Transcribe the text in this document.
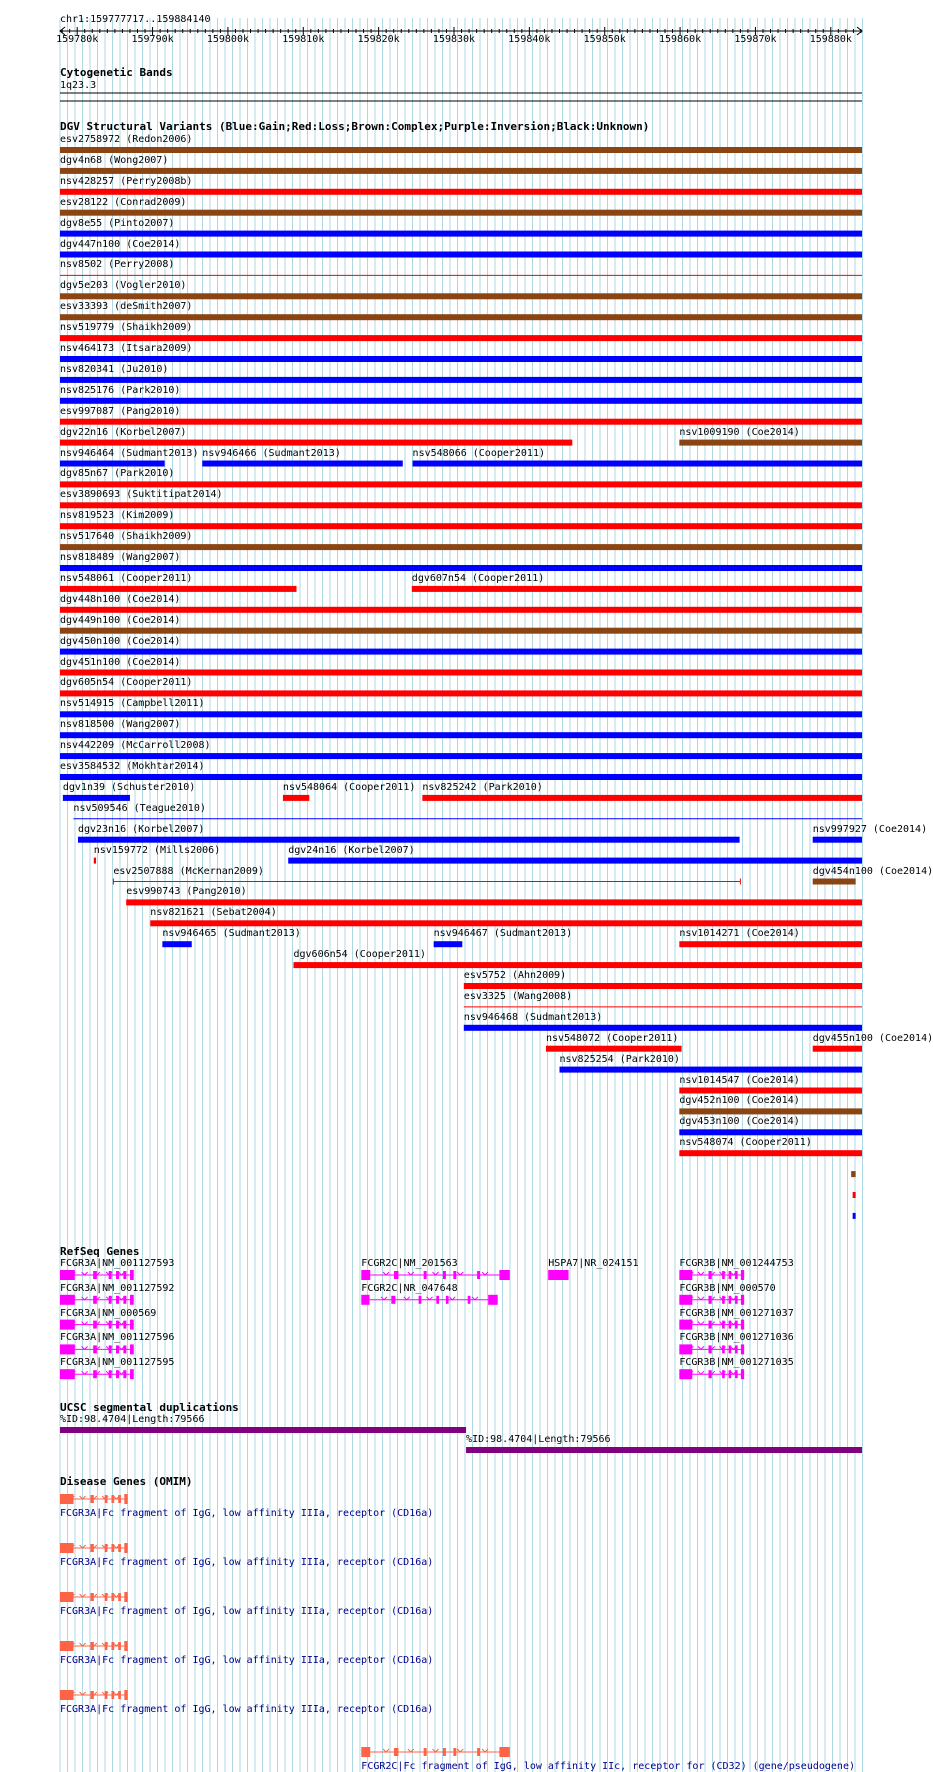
chr1:159777717..159884140
Cytogenetic Bands
1q23.3
DGV Structural Variants (Blue:Gain;Red:Loss;Brown:Complex;Purple:Inversion;Black:Unknown)
RefSeq Genes
UCSC segmental duplications
Disease Genes (OMIM)
159780k	159790k	159800k	159810k	159820k	159830k	159840k	159850k	159860k	159870k	159880k
esv2758972 (Redon2006)
dgv4n68 (Wong2007)
nsv428257 (Perry2008b)
esv28122 (Conrad2009)
dgv8e55 (Pinto2007)
dgv447n100 (Coe2014)
nsv8502 (Perry2008)
dgv5e203 (Vogler2010)
esv33393 (deSmith2007)
nsv519779 (Shaikh2009)
nsv464173 (Itsara2009)
nsv820341 (Ju2010)
nsv825176 (Park2010)
esv997087 (Pang2010)
dgv22n16 (Korbel2007)	nsv1009190 (Coe2014)
nsv946464 (Sudmant2013) nsv946466 (Sudmant2013)	nsv548066 (Cooper2011)
dgv85n67 (Park2010)
esv3890693 (Suktitipat2014)
nsv819523 (Kim2009)
nsv517640 (Shaikh2009)
nsv818489 (Wang2007)
nsv548061 (Cooper2011)	dgv607n54 (Cooper2011)
dgv448n100 (Coe2014)
dgv449n100 (Coe2014)
dgv450n100 (Coe2014)
dgv451n100 (Coe2014)
dgv605n54 (Cooper2011)
nsv514915 (Campbell2011)
nsv818500 (Wang2007)
nsv442209 (McCarroll2008)
esv3584532 (Mokhtar2014)
dgv1n39 (Schuster2010)	nsv548064 (Cooper2011) nsv825242 (Park2010)
nsv509546 (Teague2010)
dgv23n16 (Korbel2007)	nsv997927 (Coe2014)
nsv159772 (Mills2006)	dgv24n16 (Korbel2007)
esv2507888 (McKernan2009)	dgv454n100 (Coe2014)
esv990743 (Pang2010)
nsv821621 (Sebat2004)
nsv946465 (Sudmant2013)	nsv946467 (Sudmant2013)	nsv1014271 (Coe2014)
dgv606n54 (Cooper2011)
esv5752 (Ahn2009)
esv3325 (Wang2008)
nsv946468 (Sudmant2013)
nsv548072 (Cooper2011)	dgv455n100 (Coe2014)
nsv825254 (Park2010)
nsv1014547 (Coe2014)
dgv452n100 (Coe2014)
dgv453n100 (Coe2014)
nsv548074 (Cooper2011)
FCGR3A|NM_001127593
FCGR3A|NM_001127592
FCGR3A|NM_000569
FCGR3A|NM_001127596
FCGR3A|NM_001127595
FCGR2C|NM_201563
FCGR2C|NR_047648
HSPA7|NR_024151	FCGR3B|NM_001244753
FCGR3B|NM_000570
FCGR3B|NM_001271037
FCGR3B|NM_001271036
FCGR3B|NM_001271035
%ID:98.4704|Length:79566
%ID:98.4704|Length:79566
FCGR3A|Fc fragment of IgG, low affinity IIIa, receptor (CD16a)
FCGR3A|Fc fragment of IgG, low affinity IIIa, receptor (CD16a)
FCGR3A|Fc fragment of IgG, low affinity IIIa, receptor (CD16a)
FCGR3A|Fc fragment of IgG, low affinity IIIa, receptor (CD16a)
FCGR3A|Fc fragment of IgG, low affinity IIIa, receptor (CD16a)
FCGR2C|Fc fragment of IgG, low affinity IIc, receptor for (CD32) (gene/pseudogene)
